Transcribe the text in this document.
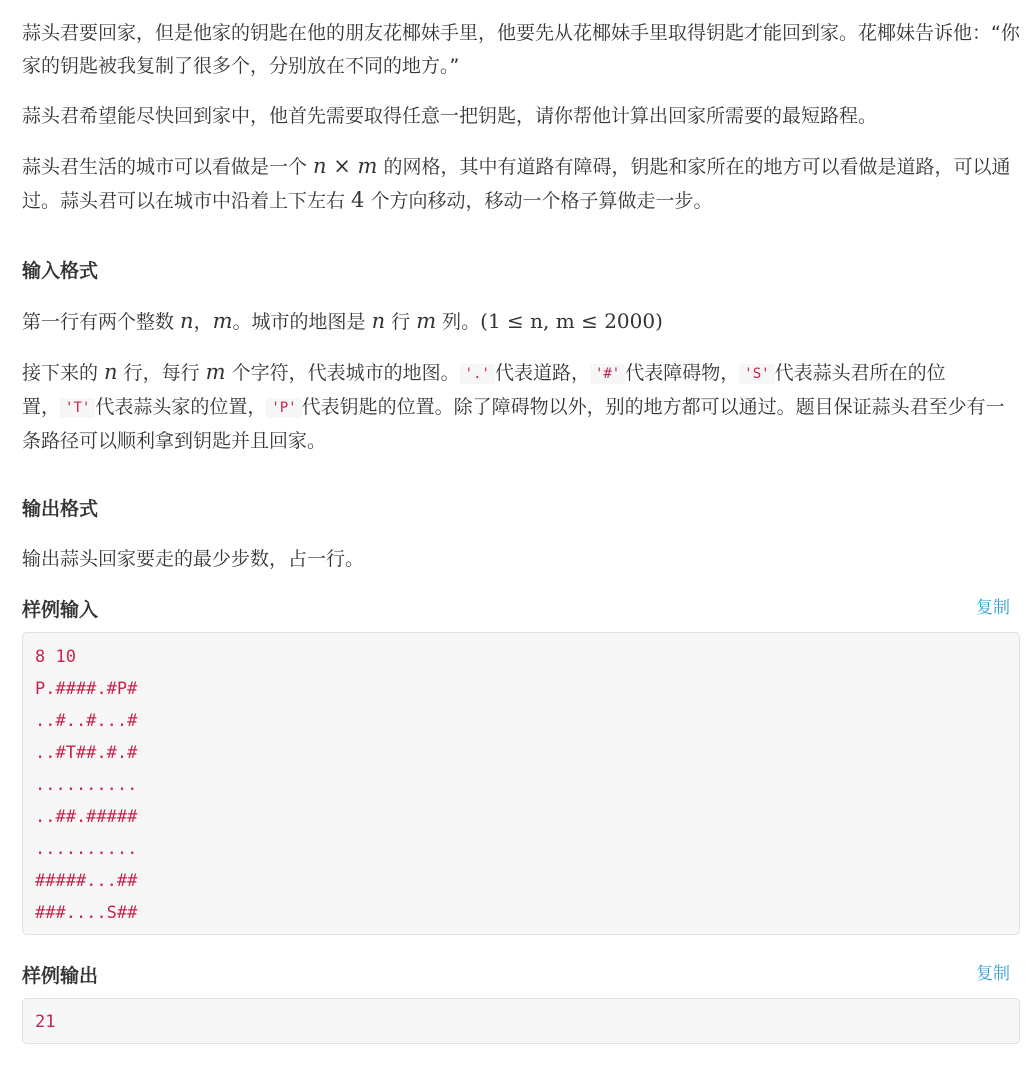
蒜头君要回家，但是他家的钥匙在他的朋友花椰妹手里，他要先从花椰妹手里取得钥匙才能回到家。花椰妹告诉他：“你家的钥匙被我复制了很多个，分别放在不同的地方。”

蒜头君希望能尽快回到家中，他首先需要取得任意一把钥匙，请你帮他计算出回家所需要的最短路程。

蒜头君生活的城市可以看做是一个 n × m 的网格，其中有道路有障碍，钥匙和家所在的地方可以看做是道路，可以通过。蒜头君可以在城市中沿着上下左右 4 个方向移动，移动一个格子算做走一步。

输入格式

第一行有两个整数 n，m。城市的地图是 n 行 m 列。(1 ≤ n, m ≤ 2000)

接下来的 n 行，每行 m 个字符，代表城市的地图。 '.' 代表道路， '#' 代表障碍物， 'S' 代表蒜头君所在的位置， 'T' 代表蒜头家的位置， 'P' 代表钥匙的位置。除了障碍物以外，别的地方都可以通过。题目保证蒜头君至少有一条路径可以顺利拿到钥匙并且回家。

输出格式

输出蒜头回家要走的最少步数，占一行。

样例输入	复制
8 10
P.####.#P#
..#..#...#
..#T##.#.#
..........
..##.#####
..........
#####...##
###....S##
样例输出	复制
21
